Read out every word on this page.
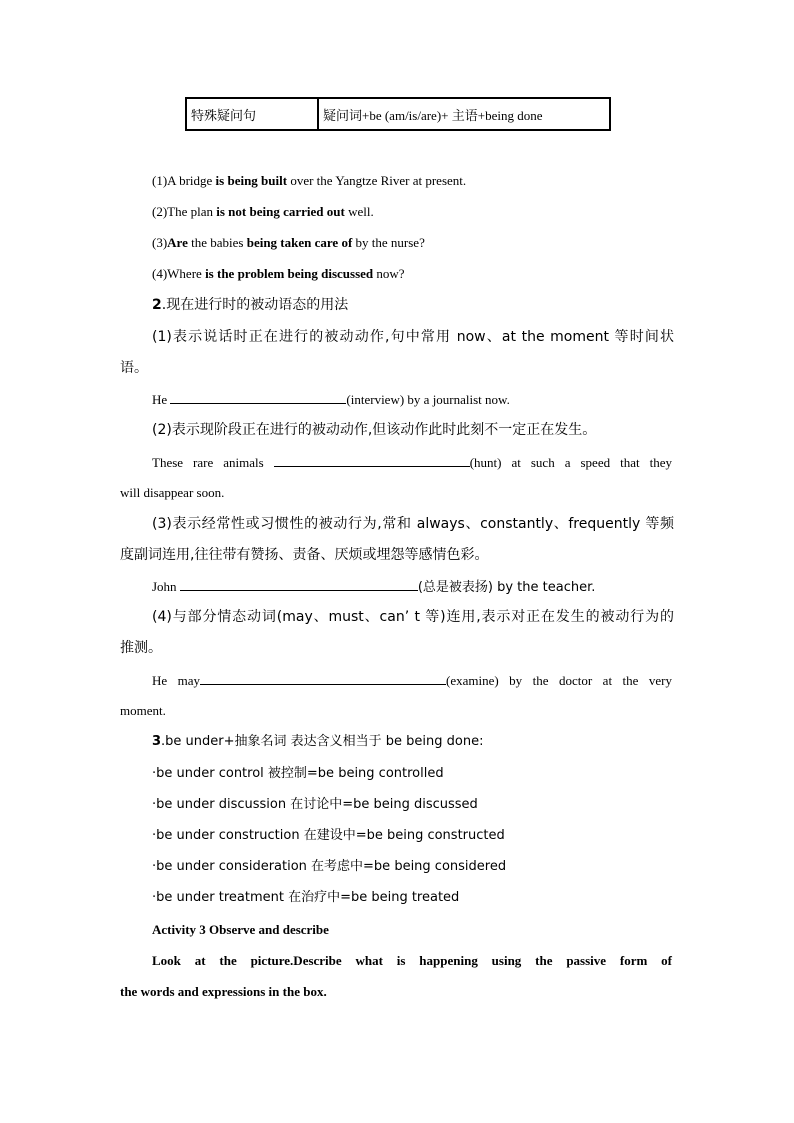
特殊疑问句	疑问词+be (am/is/are)+ 主语+being done
(1)A bridge is being built over the Yangtze River at present.
(2)The plan is not being carried out well.
(3)Are the babies being taken care of by the nurse?
(4)Where is the problem being discussed now?
2.现在进行时的被动语态的用法
(1)表示说话时正在进行的被动动作,句中常用 now、at the moment 等时间状
语。
He	(interview) by a journalist now.
(2)表示现阶段正在进行的被动动作,但该动作此时此刻不一定正在发生。
These rare animals	(hunt) at such a speed that they
will disappear soon.
(3)表示经常性或习惯性的被动行为,常和 always、constantly、frequently 等频
度副词连用,往往带有赞扬、责备、厌烦或埋怨等感情色彩。
John	(总是被表扬) by the teacher.
(4)与部分情态动词(may、must、can’ t 等)连用,表示对正在发生的被动行为的
推测。
He may	(examine) by the doctor at the very
moment.
3.be under+抽象名词 表达含义相当于 be being done:
·be under control 被控制=be being controlled
·be under discussion 在讨论中=be being discussed
·be under construction 在建设中=be being constructed
·be under consideration 在考虑中=be being considered
·be under treatment 在治疗中=be being treated
Activity 3 Observe and describe
Look at the picture.Describe what is happening using the passive form of
the words and expressions in the box.
